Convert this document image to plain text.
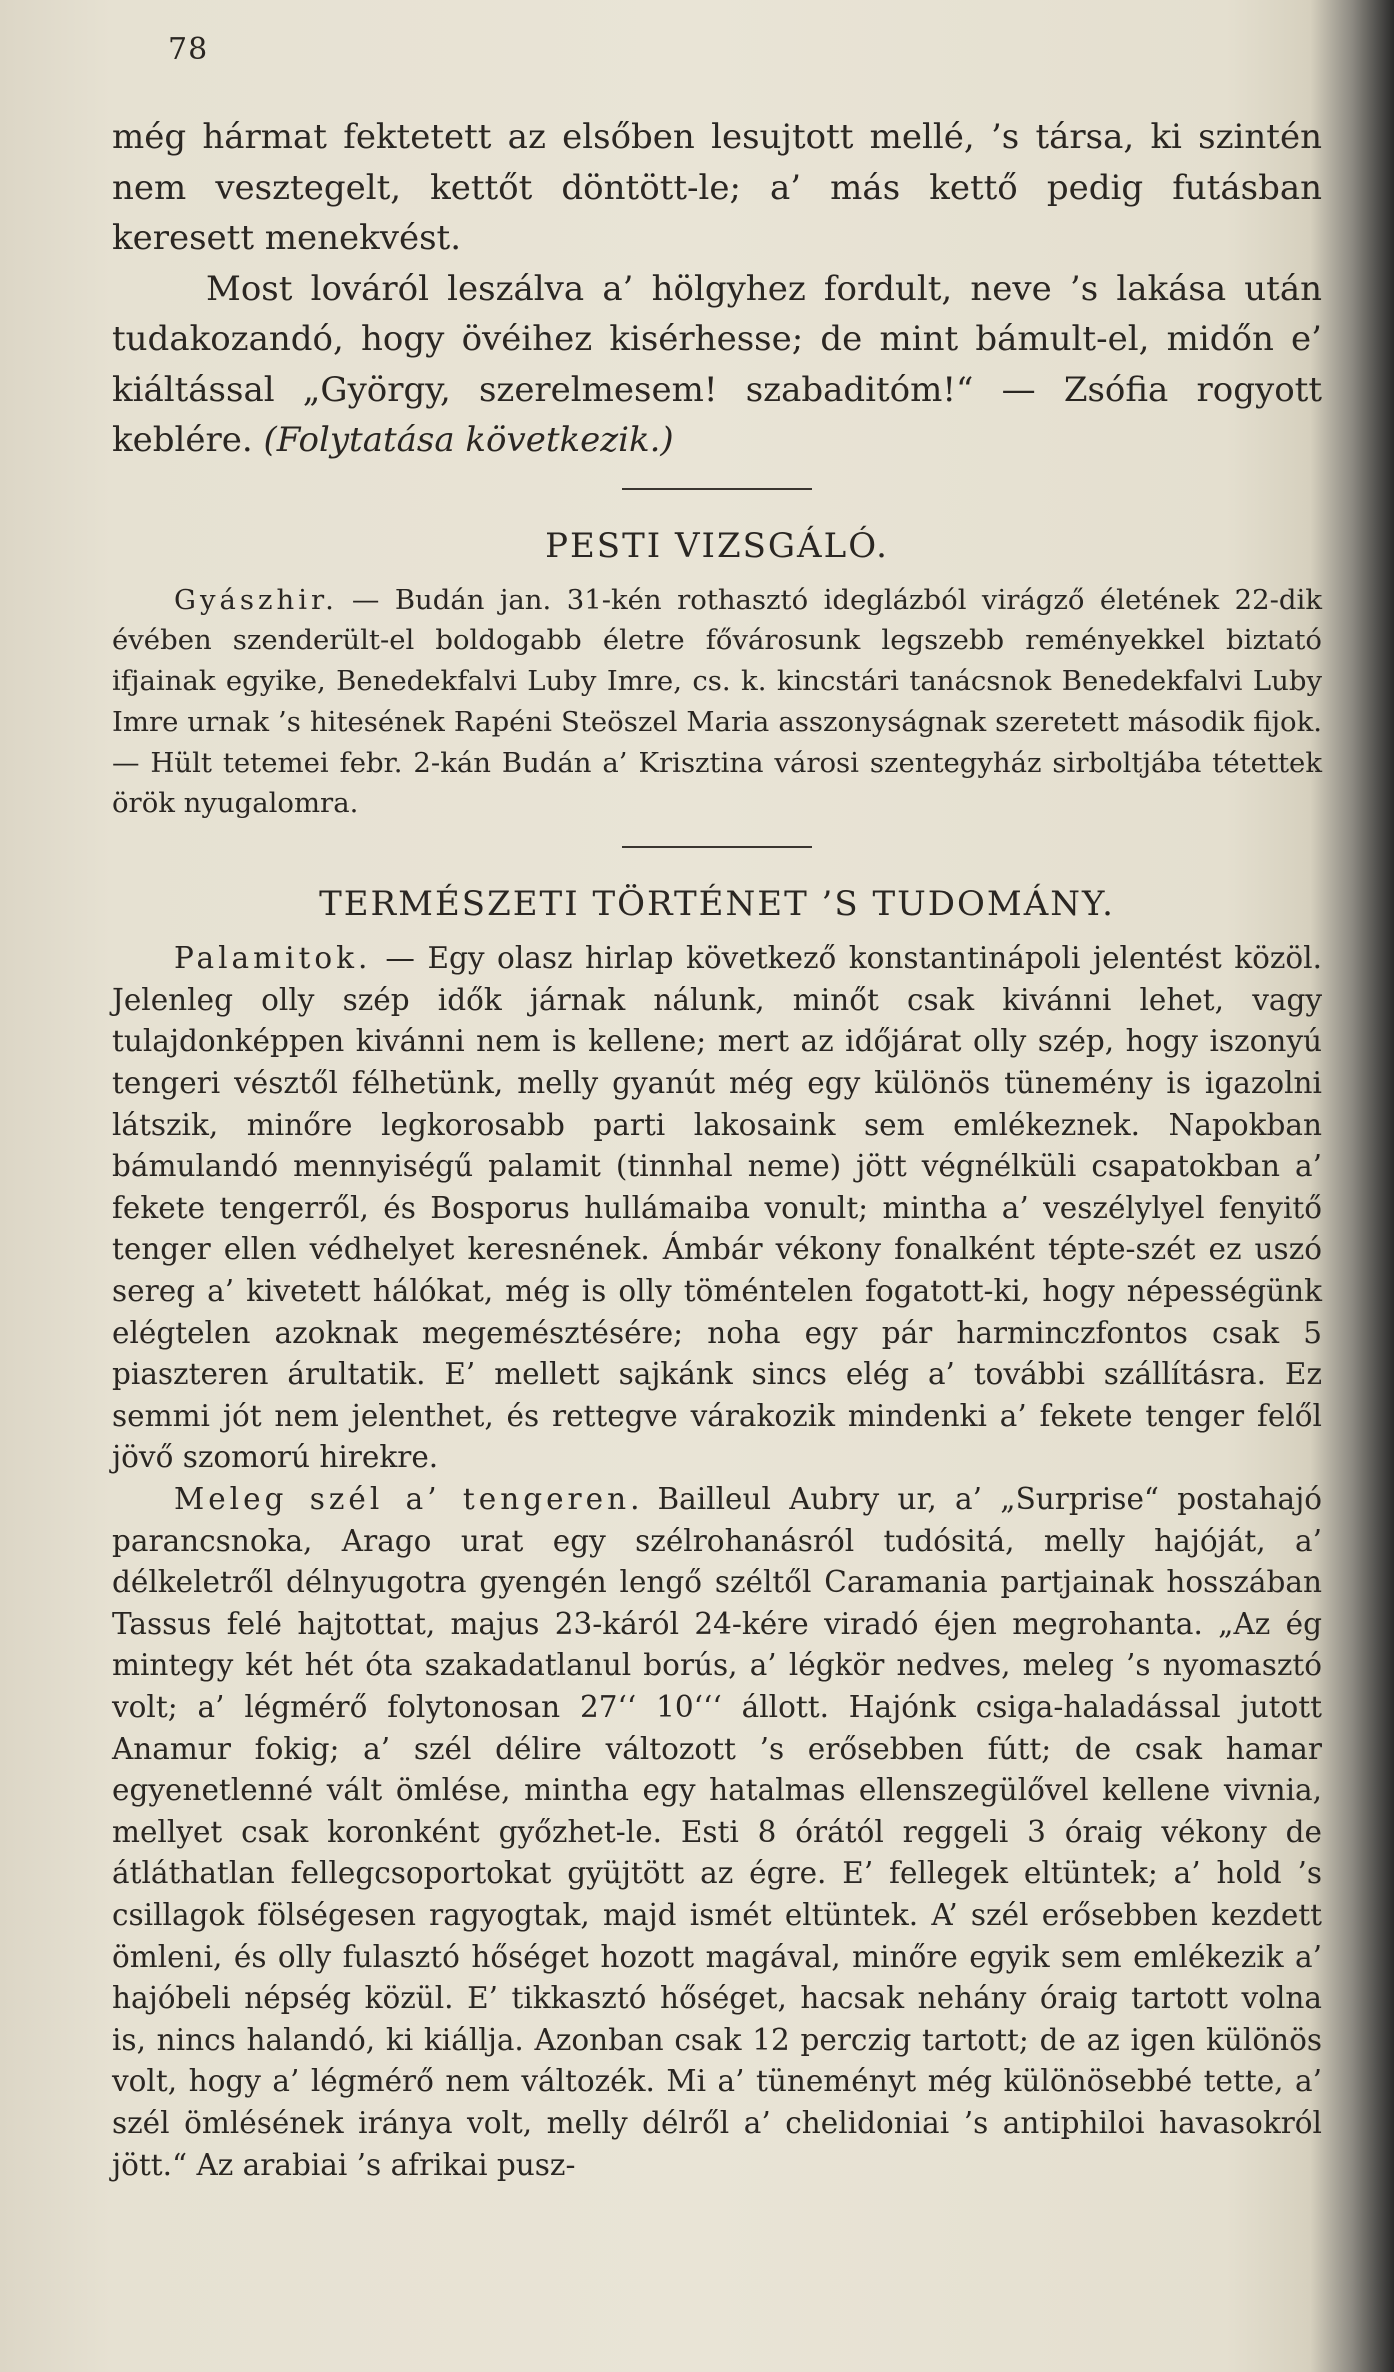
78

még hármat fektetett az elsőben lesujtott mellé, ’s társa, ki szintén nem vesztegelt, kettőt döntött-le; a’ más kettő pedig futásban keresett menekvést.

Most lováról leszálva a’ hölgyhez fordult, neve ’s lakása után tudakozandó, hogy övéihez kisérhesse; de mint bámult-el, midőn e’ kiáltással „György, szerelmesem! szabaditóm!“ — Zsófia rogyott keblére. (Folytatása következik.)

PESTI VIZSGÁLÓ.

Gyászhir. — Budán jan. 31-kén rothasztó ideglázból virágző életének 22-dik évében szenderült-el boldogabb életre fővárosunk legszebb reményekkel biztató ifjainak egyike, Benedekfalvi Luby Imre, cs. k. kincstári tanácsnok Benedekfalvi Luby Imre urnak ’s hitesének Rapéni Steöszel Maria asszonyságnak szeretett második fijok. — Hült tetemei febr. 2-kán Budán a’ Krisztina városi szentegyház sirboltjába tétettek örök nyugalomra.

TERMÉSZETI TÖRTÉNET ’S TUDOMÁNY.

Palamitok. — Egy olasz hirlap következő konstantinápoli jelentést közöl. Jelenleg olly szép idők járnak nálunk, minőt csak kivánni lehet, vagy tulajdonképpen kivánni nem is kellene; mert az időjárat olly szép, hogy iszonyú tengeri vésztől félhetünk, melly gyanút még egy különös tünemény is igazolni látszik, minőre legkorosabb parti lakosaink sem emlékeznek. Napokban bámulandó mennyiségű palamit (tinnhal neme) jött végnélküli csapatokban a’ fekete tengerről, és Bosporus hullámaiba vonult; mintha a’ veszélylyel fenyitő tenger ellen védhelyet keresnének. Ámbár vékony fonalként tépte-szét ez uszó sereg a’ kivetett hálókat, még is olly töméntelen fogatott-ki, hogy népességünk elégtelen azoknak megemésztésére; noha egy pár harminczfontos csak 5 piaszteren árultatik. E’ mellett sajkánk sincs elég a’ további szállításra. Ez semmi jót nem jelenthet, és rettegve várakozik mindenki a’ fekete tenger felől jövő szomorú hirekre.

Meleg szél a’ tengeren. Bailleul Aubry ur, a’ „Surprise“ postahajó parancsnoka, Arago urat egy szélrohanásról tudósitá, melly hajóját, a’ délkeletről délnyugotra gyengén lengő széltől Caramania partjainak hosszában Tassus felé hajtottat, majus 23-káról 24-kére viradó éjen megrohanta. „Az ég mintegy két hét óta szakadatlanul borús, a’ légkör nedves, meleg ’s nyomasztó volt; a’ légmérő folytonosan 27‘‘ 10‘‘‘ állott. Hajónk csiga-haladással jutott Anamur fokig; a’ szél délire változott ’s erősebben fútt; de csak hamar egyenetlenné vált ömlése, mintha egy hatalmas ellenszegülővel kellene vivnia, mellyet csak koronként győzhet-le. Esti 8 órától reggeli 3 óraig vékony de átláthatlan fellegcsoportokat gyüjtött az égre. E’ fellegek eltüntek; a’ hold ’s csillagok fölségesen ragyogtak, majd ismét eltüntek. A’ szél erősebben kezdett ömleni, és olly fulasztó hőséget hozott magával, minőre egyik sem emlékezik a’ hajóbeli népség közül. E’ tikkasztó hőséget, hacsak nehány óraig tartott volna is, nincs halandó, ki kiállja. Azonban csak 12 perczig tartott; de az igen különös volt, hogy a’ légmérő nem változék. Mi a’ tüneményt még különösebbé tette, a’ szél ömlésének iránya volt, melly délről a’ chelidoniai ’s antiphiloi havasokról jött.“ Az arabiai ’s afrikai pusz-
